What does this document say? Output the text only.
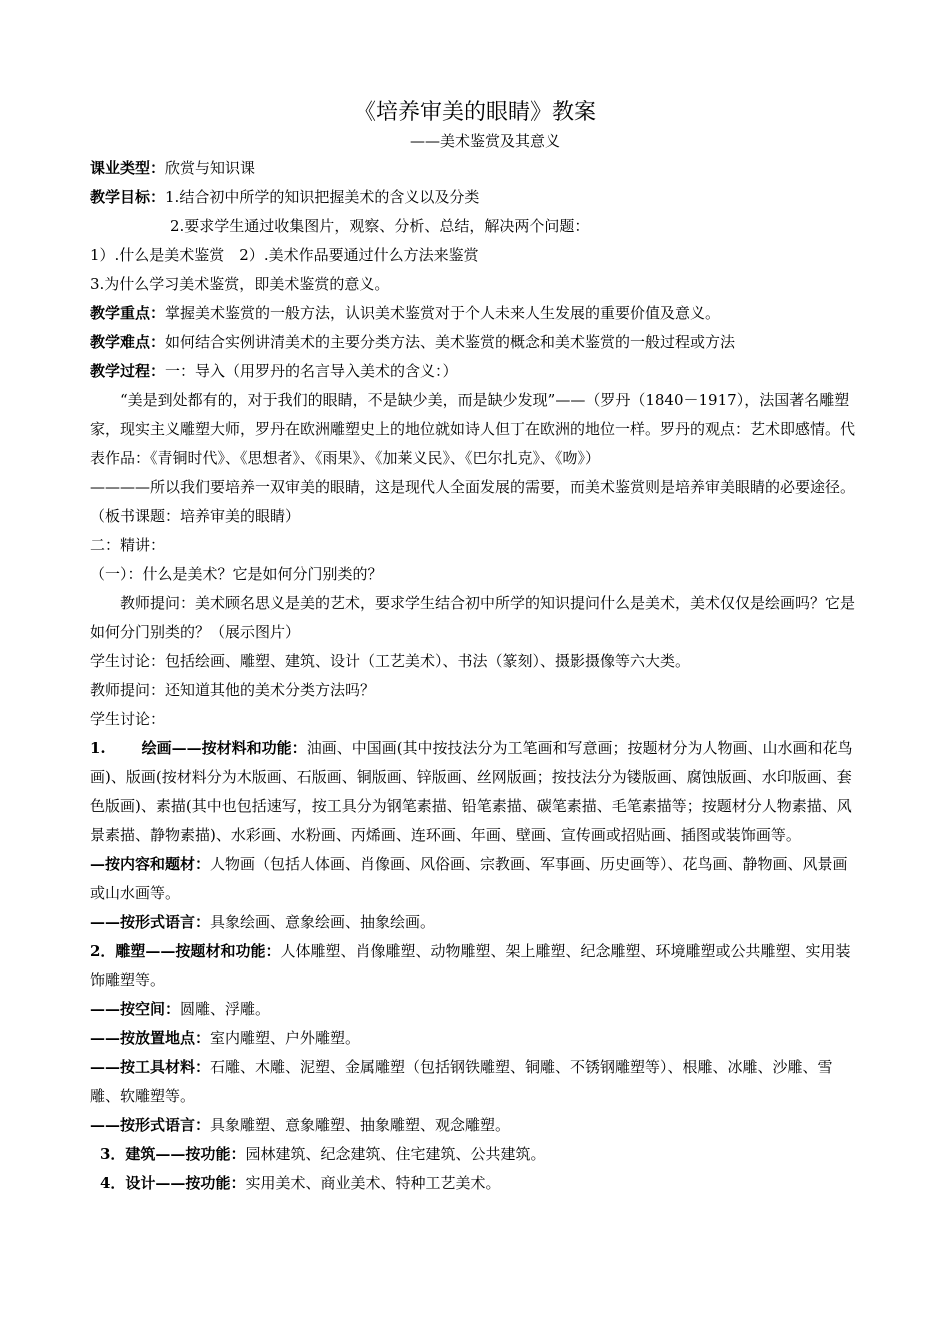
《培养审美的眼睛》教案

——美术鉴赏及其意义

课业类型：欣赏与知识课

教学目标：1.结合初中所学的知识把握美术的含义以及分类

2.要求学生通过收集图片，观察、分析、总结，解决两个问题：

1）.什么是美术鉴赏　2）.美术作品要通过什么方法来鉴赏

3.为什么学习美术鉴赏，即美术鉴赏的意义。

教学重点：掌握美术鉴赏的一般方法，认识美术鉴赏对于个人未来人生发展的重要价值及意义。

教学难点：如何结合实例讲清美术的主要分类方法、美术鉴赏的概念和美术鉴赏的一般过程或方法

教学过程：一：导入（用罗丹的名言导入美术的含义：）

“美是到处都有的，对于我们的眼睛，不是缺少美，而是缺少发现”——（罗丹（1840－1917），法国著名雕塑家，现实主义雕塑大师，罗丹在欧洲雕塑史上的地位就如诗人但丁在欧洲的地位一样。罗丹的观点：艺术即感情。代表作品：《青铜时代》、《思想者》、《雨果》、《加莱义民》、《巴尔扎克》、《吻》）

————所以我们要培养一双审美的眼睛，这是现代人全面发展的需要，而美术鉴赏则是培养审美眼睛的必要途径。（板书课题：培养审美的眼睛）

二：精讲：

（一）：什么是美术？它是如何分门别类的？

教师提问：美术顾名思义是美的艺术，要求学生结合初中所学的知识提问什么是美术，美术仅仅是绘画吗？它是如何分门别类的？（展示图片）

学生讨论：包括绘画、雕塑、建筑、设计（工艺美术）、书法（篆刻）、摄影摄像等六大类。

教师提问：还知道其他的美术分类方法吗？

学生讨论：

1. 绘画——按材料和功能：油画、中国画(其中按技法分为工笔画和写意画；按题材分为人物画、山水画和花鸟画)、版画(按材料分为木版画、石版画、铜版画、锌版画、丝网版画；按技法分为镂版画、腐蚀版画、水印版画、套色版画)、素描(其中也包括速写，按工具分为钢笔素描、铅笔素描、碳笔素描、毛笔素描等；按题材分人物素描、风景素描、静物素描)、水彩画、水粉画、丙烯画、连环画、年画、壁画、宣传画或招贴画、插图或装饰画等。

—按内容和题材：人物画（包括人体画、肖像画、风俗画、宗教画、军事画、历史画等）、花鸟画、静物画、风景画或山水画等。

——按形式语言：具象绘画、意象绘画、抽象绘画。

2．雕塑——按题材和功能：人体雕塑、肖像雕塑、动物雕塑、架上雕塑、纪念雕塑、环境雕塑或公共雕塑、实用装饰雕塑等。

——按空间：圆雕、浮雕。

——按放置地点：室内雕塑、户外雕塑。

——按工具材料：石雕、木雕、泥塑、金属雕塑（包括钢铁雕塑、铜雕、不锈钢雕塑等）、根雕、冰雕、沙雕、雪雕、软雕塑等。

——按形式语言：具象雕塑、意象雕塑、抽象雕塑、观念雕塑。

3．建筑——按功能：园林建筑、纪念建筑、住宅建筑、公共建筑。

4．设计——按功能：实用美术、商业美术、特种工艺美术。
